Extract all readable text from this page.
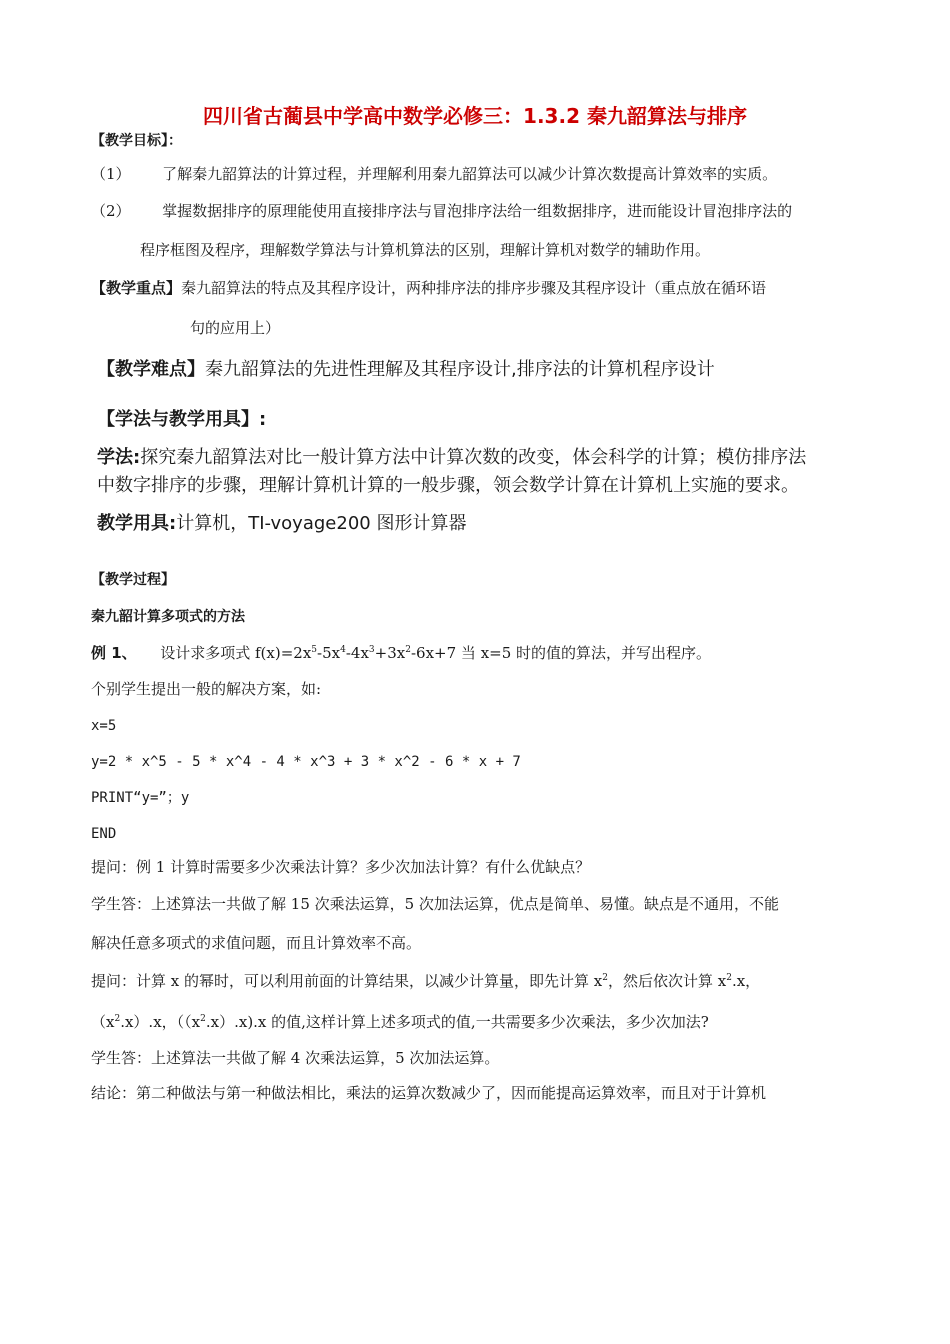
四川省古蔺县中学高中数学必修三：1.3.2 秦九韶算法与排序
【教学目标】：
（1） 了解秦九韶算法的计算过程，并理解利用秦九韶算法可以减少计算次数提高计算效率的实质。
（2） 掌握数据排序的原理能使用直接排序法与冒泡排序法给一组数据排序，进而能设计冒泡排序法的
程序框图及程序，理解数学算法与计算机算法的区别，理解计算机对数学的辅助作用。
【教学重点】秦九韶算法的特点及其程序设计，两种排序法的排序步骤及其程序设计（重点放在循环语
句的应用上）
【教学难点】秦九韶算法的先进性理解及其程序设计,排序法的计算机程序设计
【学法与教学用具】:
学法:探究秦九韶算法对比一般计算方法中计算次数的改变，体会科学的计算；模仿排序法
中数字排序的步骤，理解计算机计算的一般步骤，领会数学计算在计算机上实施的要求。
教学用具:计算机，TI-voyage200 图形计算器
【教学过程】
秦九韶计算多项式的方法
例 1、 设计求多项式 $f(x)=2x^5-5x^4-4x^3+3x^2-6x+7$ 当 x=5 时的值的算法，并写出程序。
个别学生提出一般的解决方案，如:
x=5
y=2 * x^5 - 5 * x^4 - 4 * x^3 + 3 * x^2 - 6 * x + 7
PRINT“y=”；y
END
提问：例 1 计算时需要多少次乘法计算？多少次加法计算？有什么优缺点？
学生答：上述算法一共做了解 15 次乘法运算，5 次加法运算，优点是简单、易懂。缺点是不通用，不能
解决任意多项式的求值问题，而且计算效率不高。
提问：计算 x 的幂时，可以利用前面的计算结果，以减少计算量，即先计算 $x^2$，然后依次计算 $x^2.x$，
$(x^2.x).x$，$((x^2.x).x).x$ 的值,这样计算上述多项式的值,一共需要多少次乘法，多少次加法?
学生答：上述算法一共做了解 4 次乘法运算，5 次加法运算。
结论：第二种做法与第一种做法相比，乘法的运算次数减少了，因而能提高运算效率，而且对于计算机
